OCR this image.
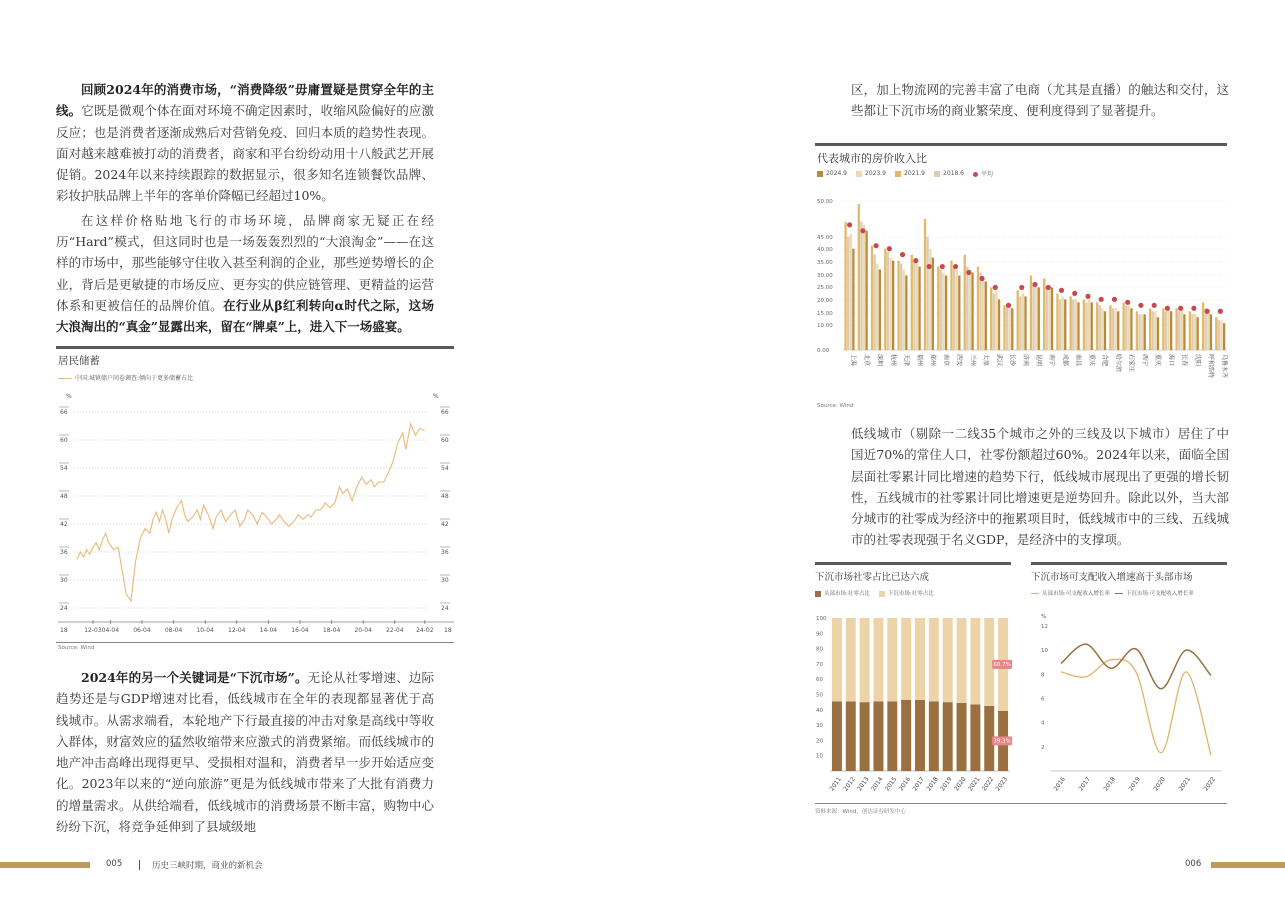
回顾2024年的消费市场，“消费降级”毋庸置疑是贯穿全年的主线。它既是微观个体在面对环境不确定因素时，收缩风险偏好的应激反应；也是消费者逐渐成熟后对营销免疫、回归本质的趋势性表现。面对越来越难被打动的消费者，商家和平台纷纷动用十八般武艺开展促销。2024年以来持续跟踪的数据显示，很多知名连锁餐饮品牌、彩妆护肤品牌上半年的客单价降幅已经超过10%。

在这样价格贴地飞行的市场环境，品牌商家无疑正在经历“Hard”模式，但这同时也是一场轰轰烈烈的“大浪淘金”——在这样的市场中，那些能够守住收入甚至利润的企业，那些逆势增长的企业，背后是更敏捷的市场反应、更夯实的供应链管理、更精益的运营体系和更被信任的品牌价值。在行业从β红利转向α时代之际，这场大浪淘出的“真金”显露出来，留在“牌桌”上，进入下一场盛宴。

居民储蓄
中国:城镇储户问卷调查:倾向于更多储蓄占比
%	%
24	24
30	30
36	36
42	42
48	48
54	54
60	60
66	66
18	18
12-03 04-04 06-04 08-04 10-04 12-04 14-04 16-04 18-04 20-04 22-04 24-02
Source: Wind

2024年的另一个关键词是“下沉市场”。无论从社零增速、边际趋势还是与GDP增速对比看，低线城市在全年的表现都显著优于高线城市。从需求端看，本轮地产下行最直接的冲击对象是高线中等收入群体，财富效应的猛然收缩带来应激式的消费紧缩。而低线城市的地产冲击高峰出现得更早、受损相对温和，消费者早一步开始适应变化。2023年以来的“逆向旅游”更是为低线城市带来了大批有消费力的增量需求。从供给端看，低线城市的消费场景不断丰富，购物中心纷纷下沉，将竞争延伸到了县域级地

区，加上物流网的完善丰富了电商（尤其是直播）的触达和交付，这些都让下沉市场的商业繁荣度、便利度得到了显著提升。

代表城市的房价收入比
2024.9	2023.9	2021.9	2018.6	平均
0.00
10.00
15.00
20.00
25.00
30.00
35.00
40.00
45.00
50.00
上海 北京 深圳 杭州 天津 福州 郑州 南京 西安 兰州 太原 武汉 长沙 济南 昆明 南宁 成都 南昌 重庆 合肥 哈尔滨 石家庄 西宁 重庆 海口 长春 沈阳 呼和浩特 乌鲁木齐
Source: Wind

低线城市（剔除一二线35个城市之外的三线及以下城市）居住了中国近70%的常住人口，社零份额超过60%。2024年以来，面临全国层面社零累计同比增速的趋势下行，低线城市展现出了更强的增长韧性，五线城市的社零累计同比增速更是逆势回升。除此以外，当大部分城市的社零成为经济中的拖累项目时，低线城市中的三线、五线城市的社零表现强于名义GDP，是经济中的支撑项。

下沉市场社零占比已达六成
头部市场:社零占比	下沉市场:社零占比
100
10
20
30
40
50
60
70
80
90
2011 2012 2013 2014 2015 2016 2017 2018 2019 2020 2021 2022 2023
60.7%
39.3%
下沉市场可支配收入增速高于头部市场
头部市场:可支配收入增长率	下沉市场:可支配收入增长率
%
2
4
6
8
10
12
2016 2017 2018 2019 2020 2021 2022
资料来源：Wind，创达证券研发中心
005	历史三峡时期，商业的新机会	006
